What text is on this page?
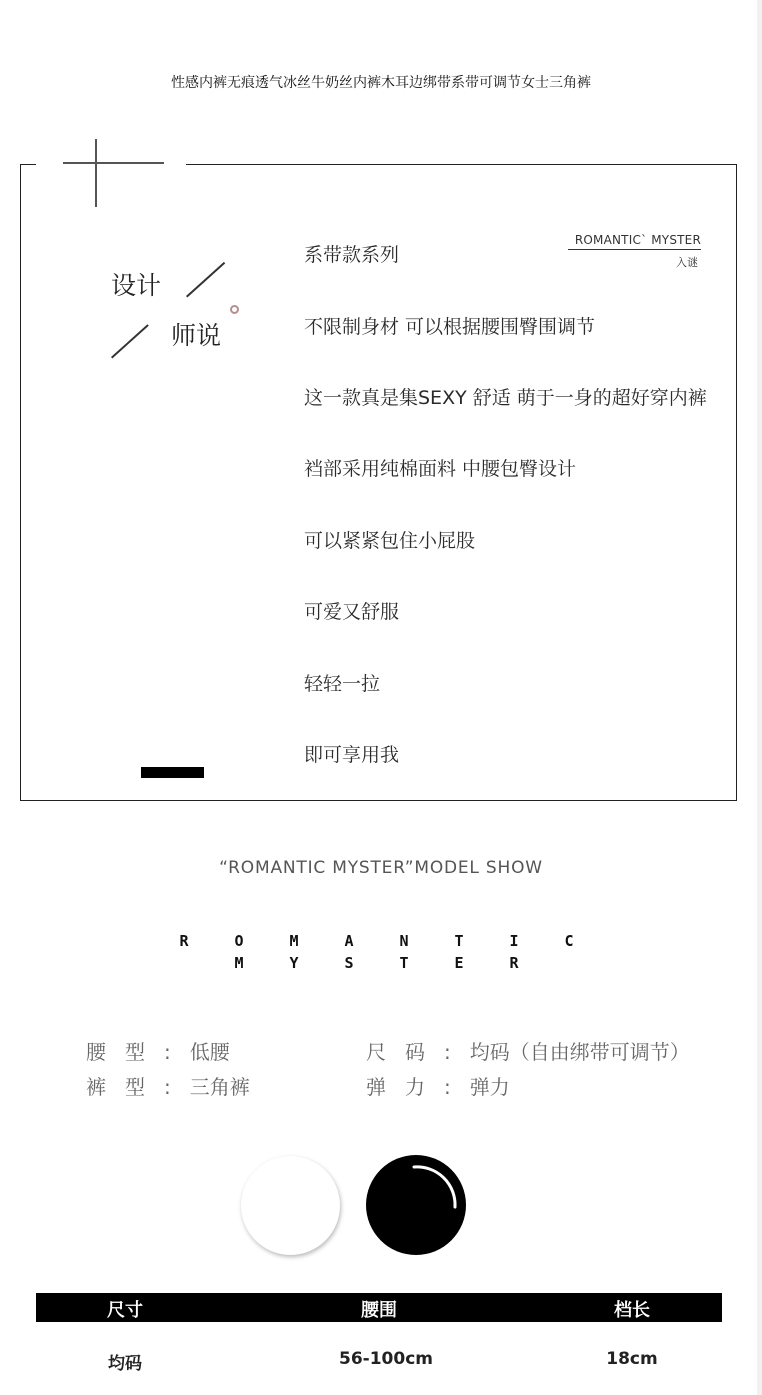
性感内裤无痕透气冰丝牛奶丝内裤木耳边绑带系带可调节女士三角裤
设计
师说
ROMANTIC` MYSTER
入谜
系带款系列
不限制身材 可以根据腰围臀围调节
这一款真是集SEXY 舒适 萌于一身的超好穿内裤
裆部采用纯棉面料 中腰包臀设计
可以紧紧包住小屁股
可爱又舒服
轻轻一拉
即可享用我
“ROMANTIC MYSTER”MODEL SHOW
R	O	M	A	N	T	I	C
M	Y	S	T	E	R
腰型:低腰	尺码:均码（自由绑带可调节）
裤型:三角裤	弹力:弹力
尺寸	腰围	档长
均码	56-100cm	18cm
